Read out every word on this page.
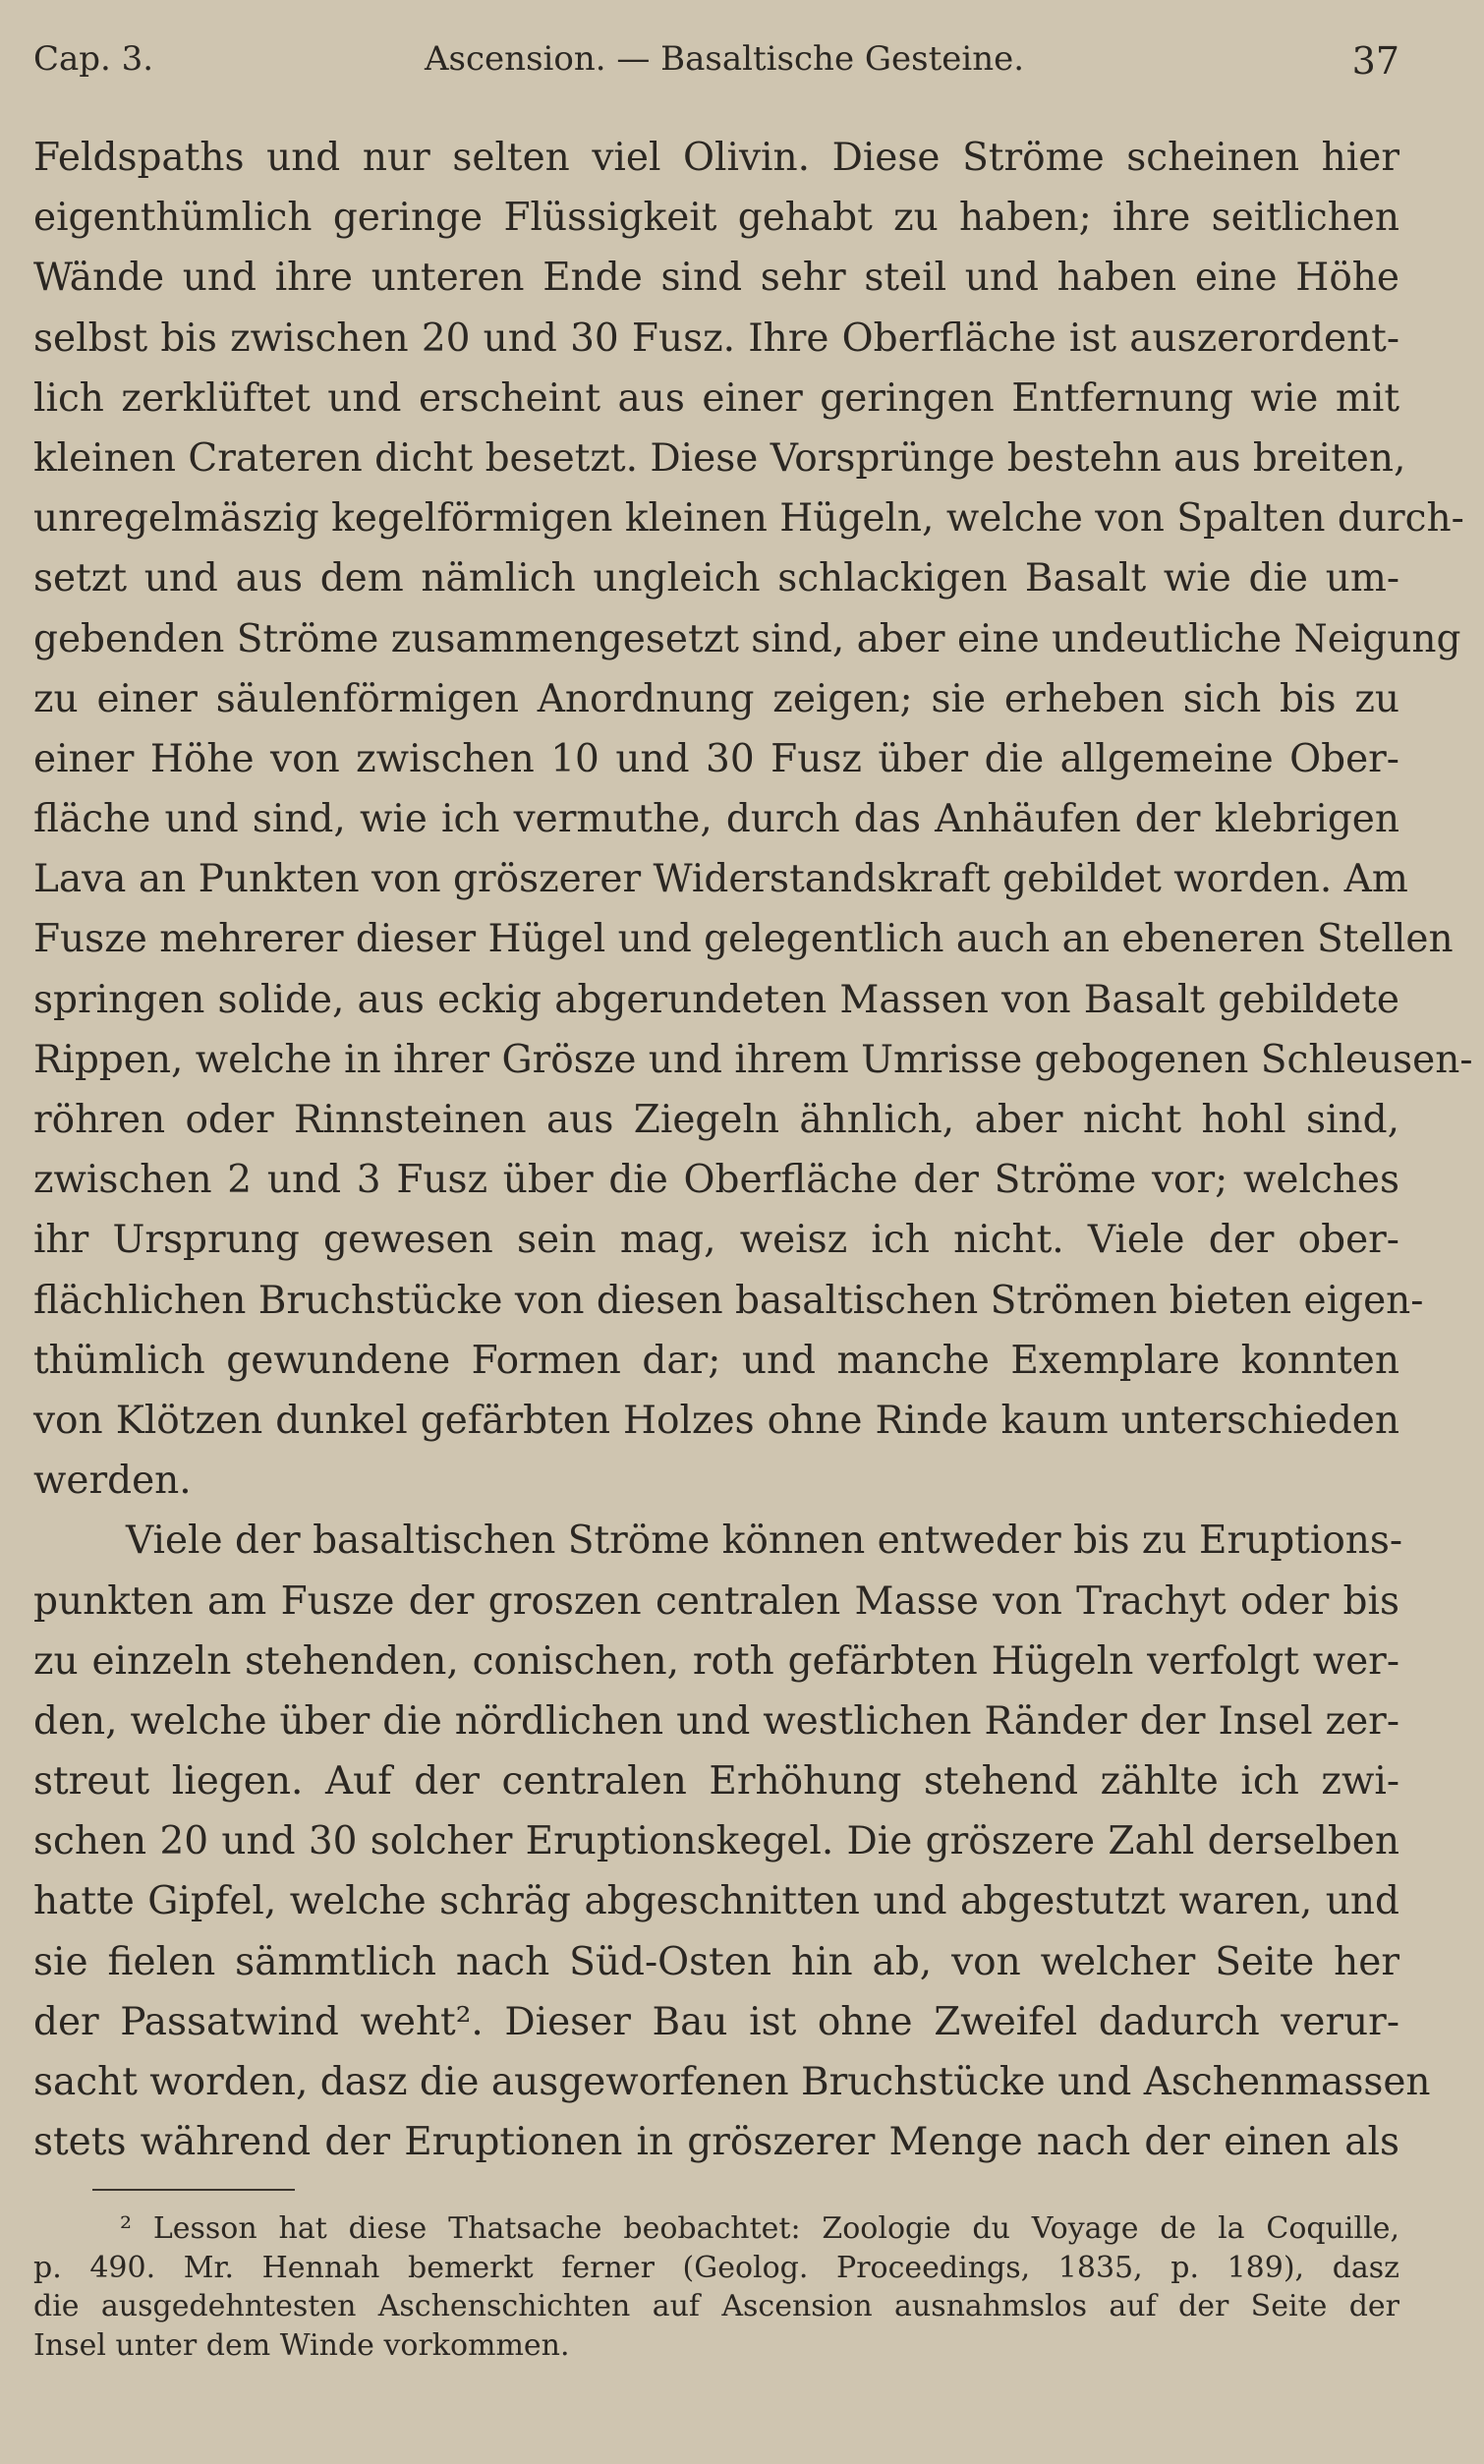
Cap. 3.	Ascension. — Basaltische Gesteine.	37
Feldspaths und nur selten viel Olivin. Diese Ströme scheinen hier
eigenthümlich geringe Flüssigkeit gehabt zu haben; ihre seitlichen
Wände und ihre unteren Ende sind sehr steil und haben eine Höhe
selbst bis zwischen 20 und 30 Fusz. Ihre Oberfläche ist auszerordent-
lich zerklüftet und erscheint aus einer geringen Entfernung wie mit
kleinen Crateren dicht besetzt. Diese Vorsprünge bestehn aus breiten,
unregelmäszig kegelförmigen kleinen Hügeln, welche von Spalten durch-
setzt und aus dem nämlich ungleich schlackigen Basalt wie die um-
gebenden Ströme zusammengesetzt sind, aber eine undeutliche Neigung
zu einer säulenförmigen Anordnung zeigen; sie erheben sich bis zu
einer Höhe von zwischen 10 und 30 Fusz über die allgemeine Ober-
fläche und sind, wie ich vermuthe, durch das Anhäufen der klebrigen
Lava an Punkten von gröszerer Widerstandskraft gebildet worden. Am
Fusze mehrerer dieser Hügel und gelegentlich auch an ebeneren Stellen
springen solide, aus eckig abgerundeten Massen von Basalt gebildete
Rippen, welche in ihrer Grösze und ihrem Umrisse gebogenen Schleusen-
röhren oder Rinnsteinen aus Ziegeln ähnlich, aber nicht hohl sind,
zwischen 2 und 3 Fusz über die Oberfläche der Ströme vor; welches
ihr Ursprung gewesen sein mag, weisz ich nicht. Viele der ober-
flächlichen Bruchstücke von diesen basaltischen Strömen bieten eigen-
thümlich gewundene Formen dar; und manche Exemplare konnten
von Klötzen dunkel gefärbten Holzes ohne Rinde kaum unterschieden
werden.
Viele der basaltischen Ströme können entweder bis zu Eruptions-
punkten am Fusze der groszen centralen Masse von Trachyt oder bis
zu einzeln stehenden, conischen, roth gefärbten Hügeln verfolgt wer-
den, welche über die nördlichen und westlichen Ränder der Insel zer-
streut liegen. Auf der centralen Erhöhung stehend zählte ich zwi-
schen 20 und 30 solcher Eruptionskegel. Die gröszere Zahl derselben
hatte Gipfel, welche schräg abgeschnitten und abgestutzt waren, und
sie fielen sämmtlich nach Süd-Osten hin ab, von welcher Seite her
der Passatwind weht². Dieser Bau ist ohne Zweifel dadurch verur-
sacht worden, dasz die ausgeworfenen Bruchstücke und Aschenmassen
stets während der Eruptionen in gröszerer Menge nach der einen als
² Lesson hat diese Thatsache beobachtet: Zoologie du Voyage de la Coquille,
p. 490. Mr. Hennah bemerkt ferner (Geolog. Proceedings, 1835, p. 189), dasz
die ausgedehntesten Aschenschichten auf Ascension ausnahmslos auf der Seite der
Insel unter dem Winde vorkommen.
